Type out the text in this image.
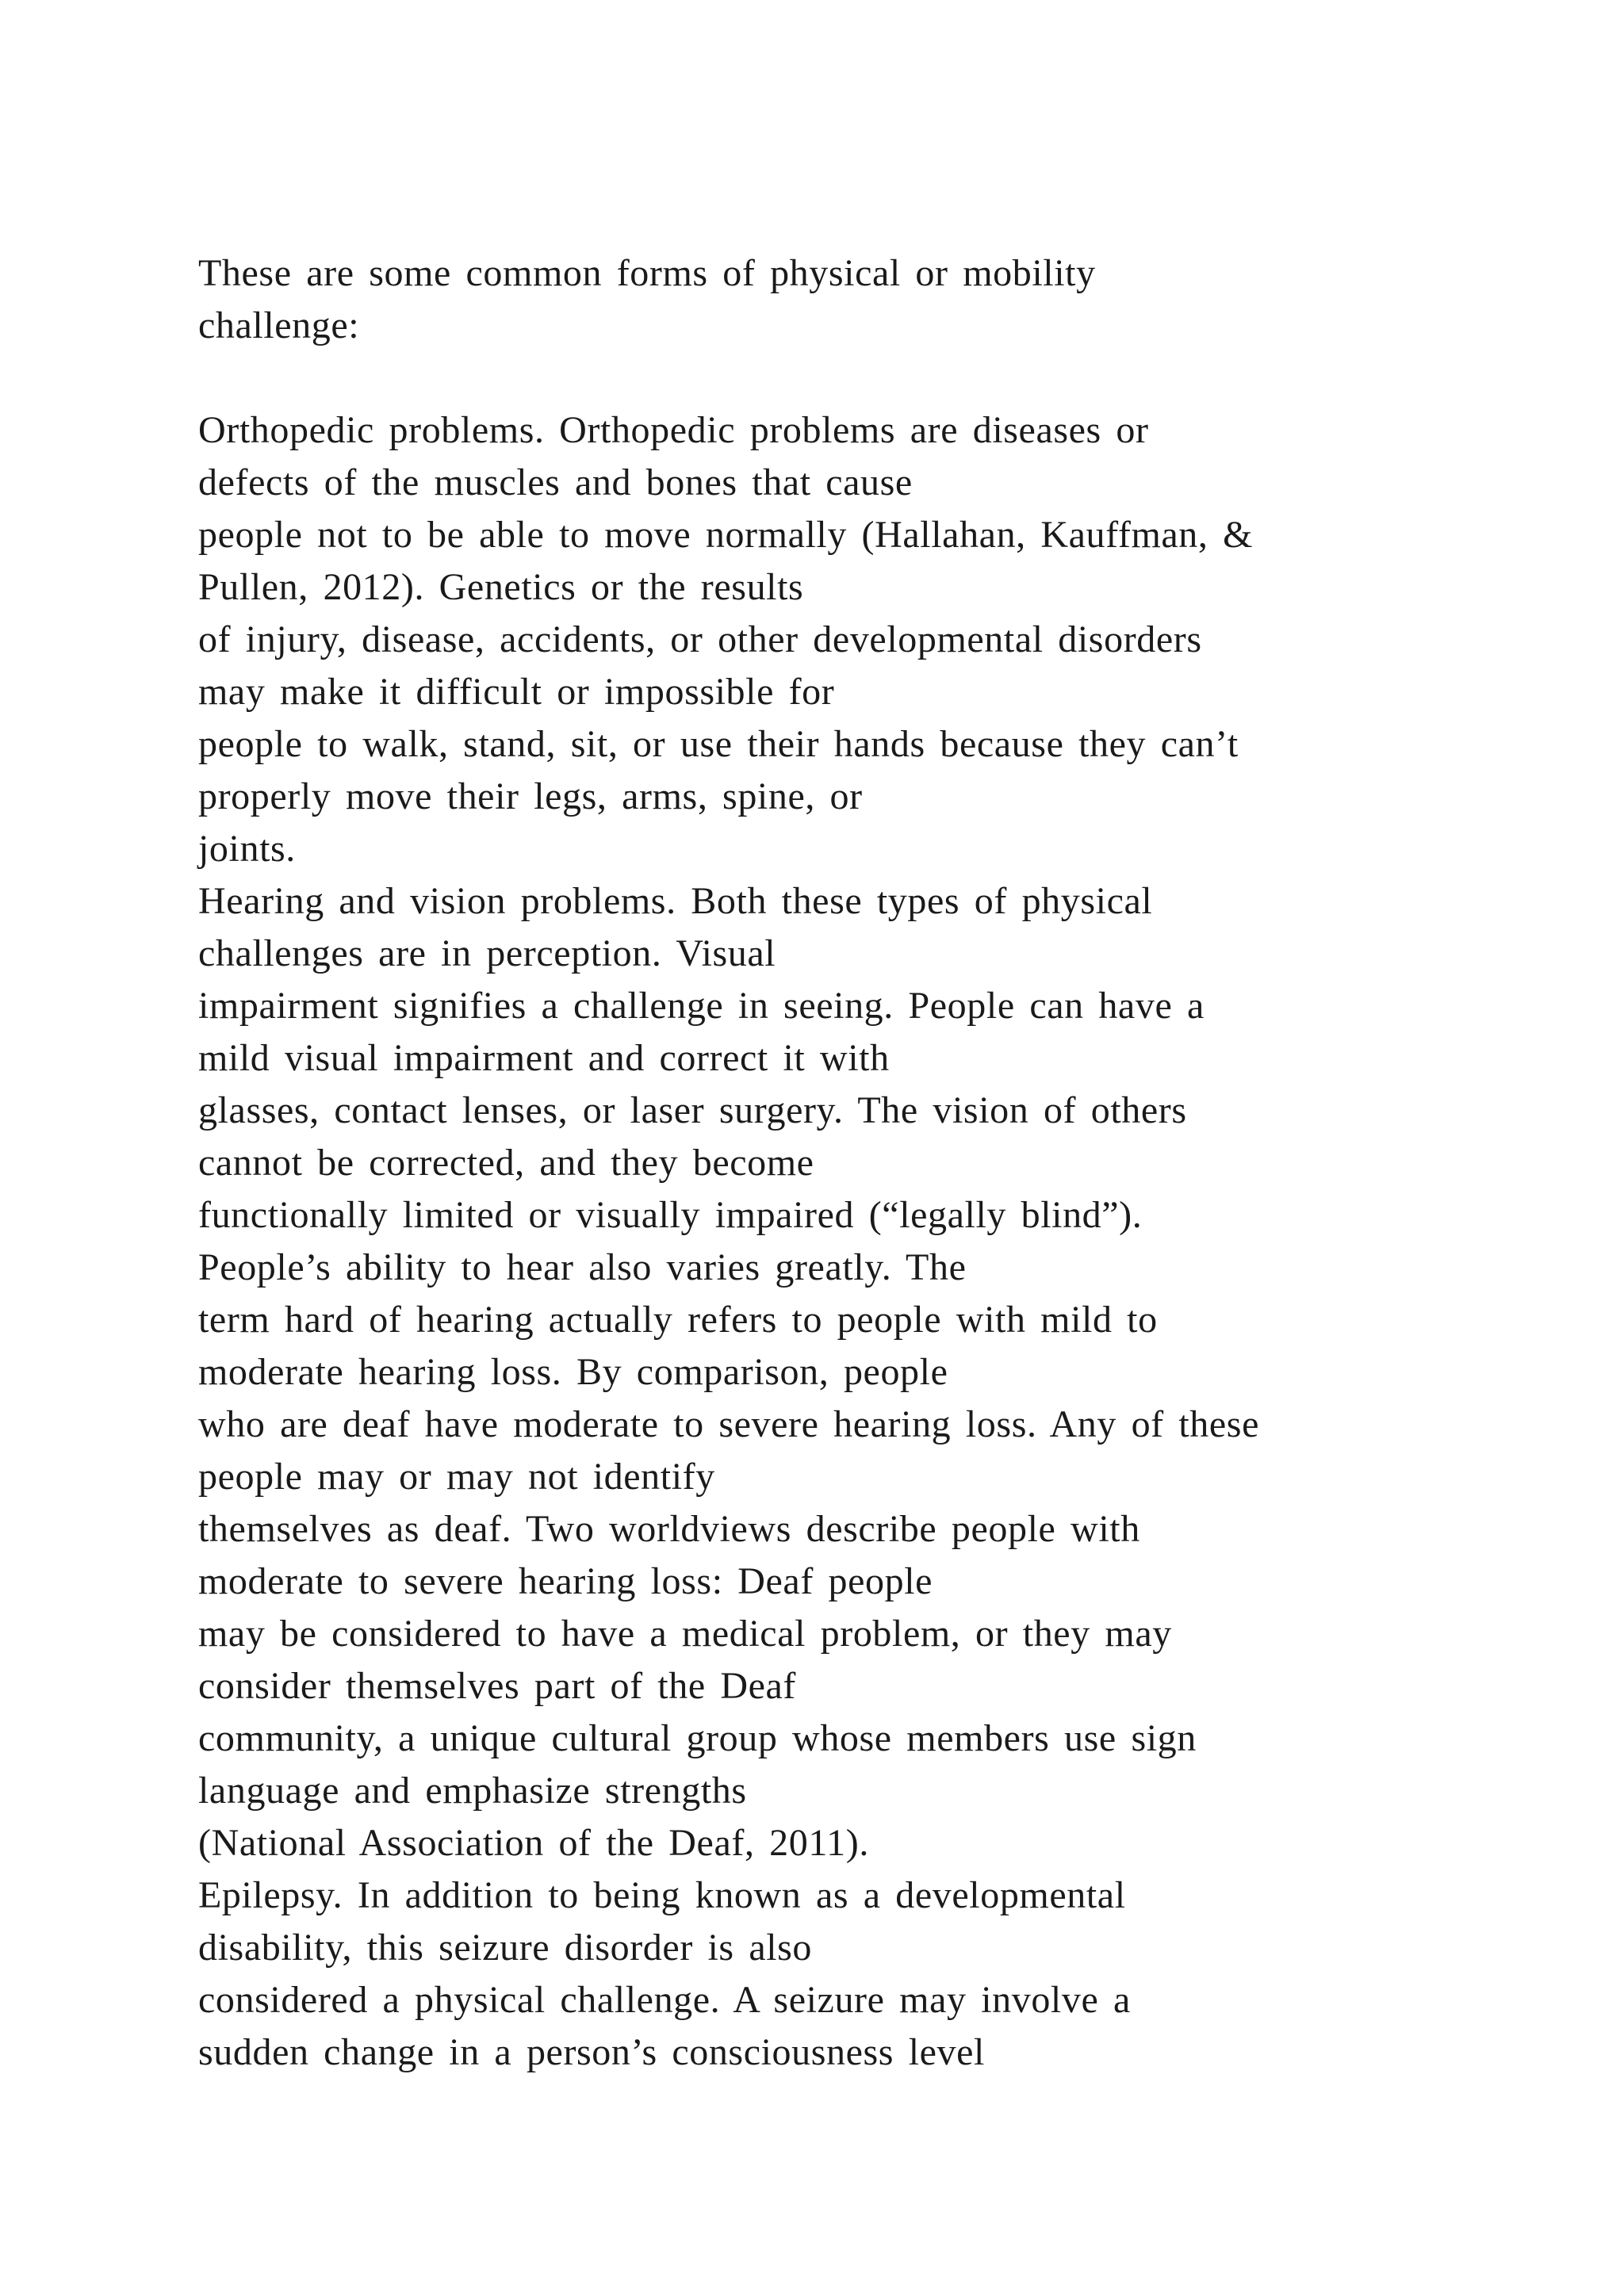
These are some common forms of physical or mobility
challenge:
Orthopedic problems. Orthopedic problems are diseases or
defects of the muscles and bones that cause
people not to be able to move normally (Hallahan, Kauffman, &
Pullen, 2012). Genetics or the results
of injury, disease, accidents, or other developmental disorders
may make it difficult or impossible for
people to walk, stand, sit, or use their hands because they can’t
properly move their legs, arms, spine, or
joints.
Hearing and vision problems. Both these types of physical
challenges are in perception. Visual
impairment signifies a challenge in seeing. People can have a
mild visual impairment and correct it with
glasses, contact lenses, or laser surgery. The vision of others
cannot be corrected, and they become
functionally limited or visually impaired (“legally blind”).
People’s ability to hear also varies greatly. The
term hard of hearing actually refers to people with mild to
moderate hearing loss. By comparison, people
who are deaf have moderate to severe hearing loss. Any of these
people may or may not identify
themselves as deaf. Two worldviews describe people with
moderate to severe hearing loss: Deaf people
may be considered to have a medical problem, or they may
consider themselves part of the Deaf
community, a unique cultural group whose members use sign
language and emphasize strengths
(National Association of the Deaf, 2011).
Epilepsy. In addition to being known as a developmental
disability, this seizure disorder is also
considered a physical challenge. A seizure may involve a
sudden change in a person’s consciousness level
